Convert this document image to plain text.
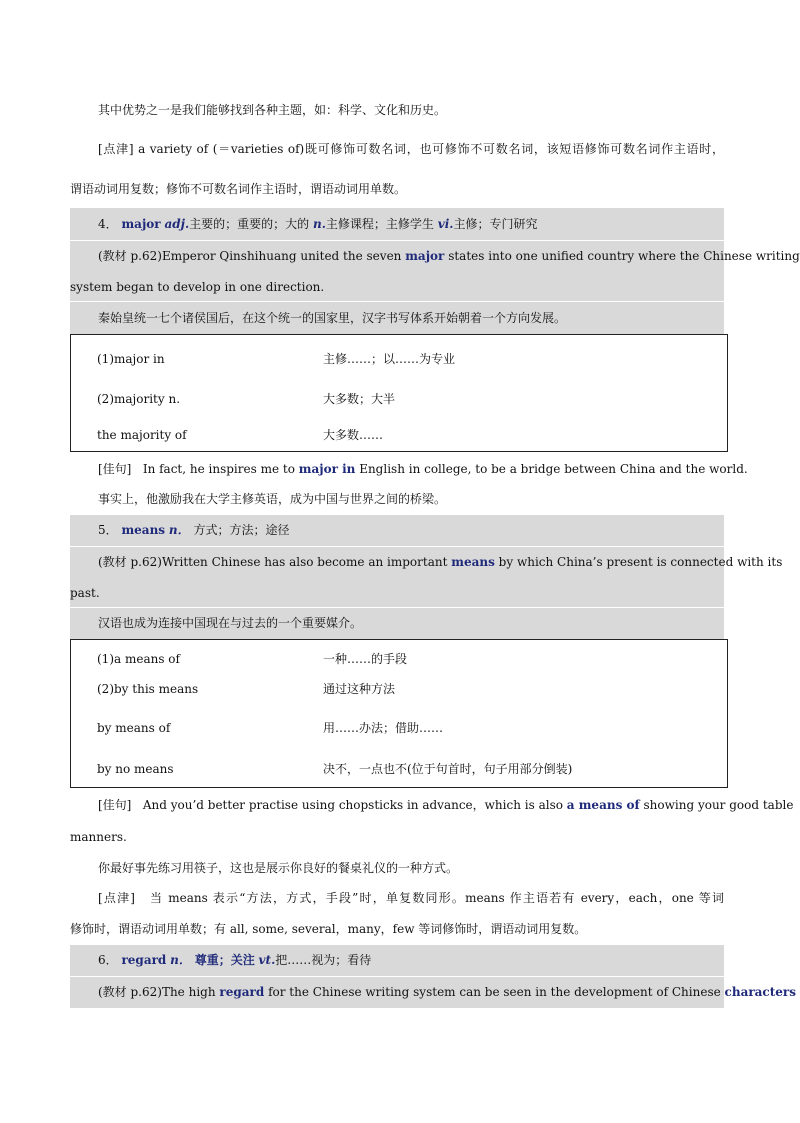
其中优势之一是我们能够找到各种主题，如：科学、文化和历史。
[点津] a variety of (＝varieties of)既可修饰可数名词，也可修饰不可数名词，该短语修饰可数名词作主语时，
谓语动词用复数；修饰不可数名词作主语时，谓语动词用单数。
4． major adj.主要的；重要的；大的 n.主修课程；主修学生 vi.主修；专门研究
(教材 p.62)Emperor Qinshihuang united the seven major states into one unified country where the Chinese writing
system began to develop in one direction.
秦始皇统一七个诸侯国后，在这个统一的国家里，汉字书写体系开始朝着一个方向发展。
(1)major in	主修……；以……为专业
(2)majority n.	大多数；大半
the majority of	大多数……
[佳句] In fact, he inspires me to major in English in college, to be a bridge between China and the world.
事实上，他激励我在大学主修英语，成为中国与世界之间的桥梁。
5． means n． 方式；方法；途径
(教材 p.62)Written Chinese has also become an important means by which China’s present is connected with its
past.
汉语也成为连接中国现在与过去的一个重要媒介。
(1)a means of	一种……的手段
(2)by this means	通过这种方法
by means of	用……办法；借助……
by no means	决不，一点也不(位于句首时，句子用部分倒装)
[佳句] And you’d better practise using chopsticks in advance，which is also a means of showing your good table
manners.
你最好事先练习用筷子，这也是展示你良好的餐桌礼仪的一种方式。
[点津] 当 means 表示“方法，方式，手段”时，单复数同形。means 作主语若有 every，each，one 等词
修饰时，谓语动词用单数；有 all, some, several，many，few 等词修饰时，谓语动词用复数。
6． regard n． 尊重；关注 vt.把……视为；看待
(教材 p.62)The high regard for the Chinese writing system can be seen in the development of Chinese characters
